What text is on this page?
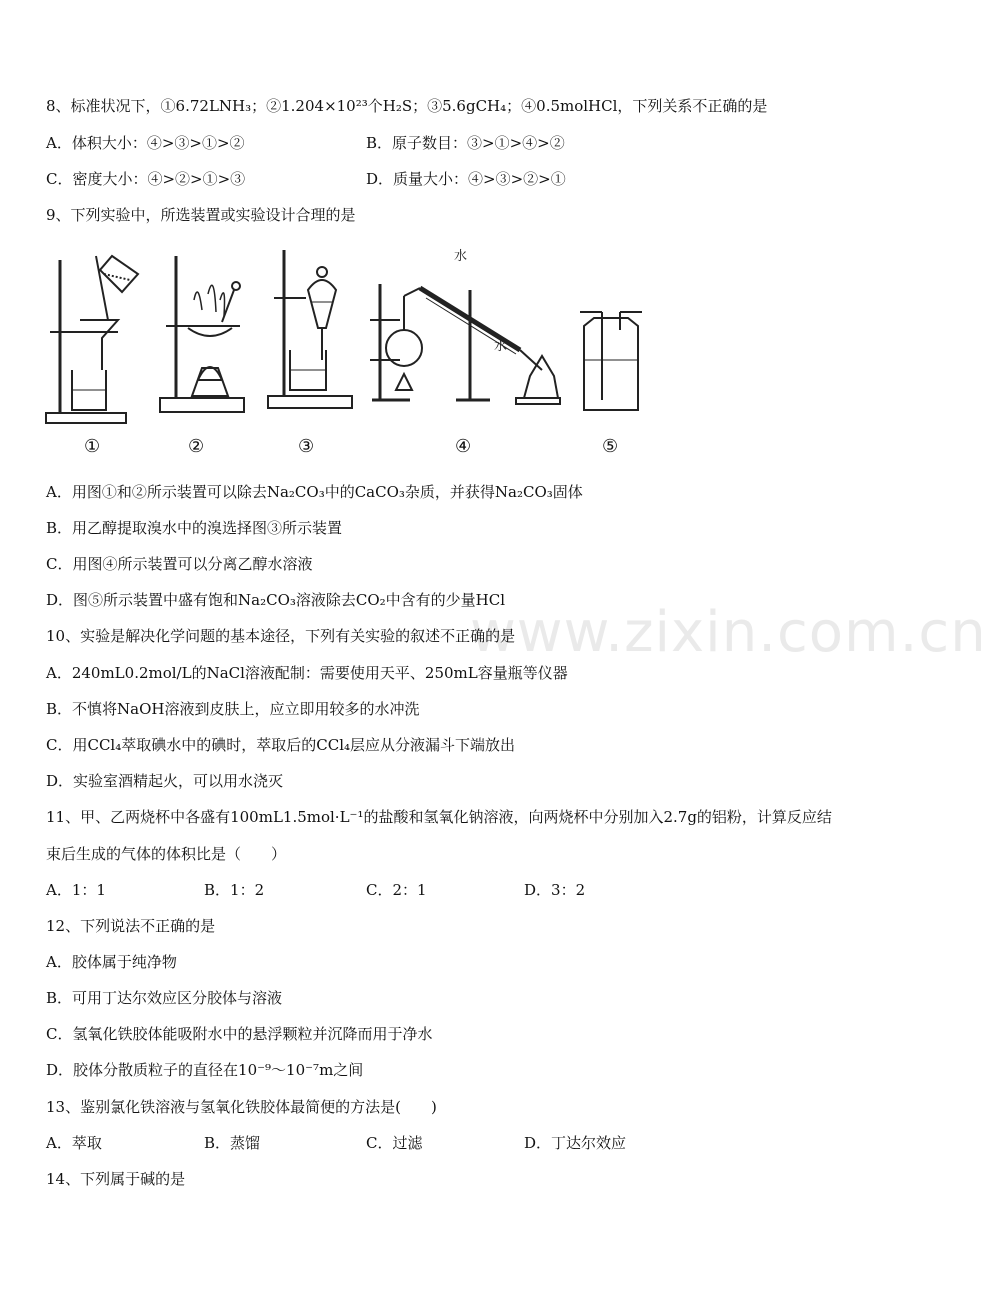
www.zixin.com.cn
8、标准状况下，①6.72LNH₃；②1.204×10²³个H₂S；③5.6gCH₄；④0.5molHCl，下列关系不正确的是
A．体积大小：④>③>①>②	B．原子数目：③>①>④>②
C．密度大小：④>②>①>③	D．质量大小：④>③>②>①
9、下列实验中，所选装置或实验设计合理的是
水
水
①	②	③	④	⑤
A．用图①和②所示装置可以除去Na₂CO₃中的CaCO₃杂质，并获得Na₂CO₃固体
B．用乙醇提取溴水中的溴选择图③所示装置
C．用图④所示装置可以分离乙醇水溶液
D．图⑤所示装置中盛有饱和Na₂CO₃溶液除去CO₂中含有的少量HCl
10、实验是解决化学问题的基本途径，下列有关实验的叙述不正确的是
A．240mL0.2mol/L的NaCl溶液配制：需要使用天平、250mL容量瓶等仪器
B．不慎将NaOH溶液到皮肤上，应立即用较多的水冲洗
C．用CCl₄萃取碘水中的碘时，萃取后的CCl₄层应从分液漏斗下端放出
D．实验室酒精起火，可以用水浇灭
11、甲、乙两烧杯中各盛有100mL1.5mol·L⁻¹的盐酸和氢氧化钠溶液，向两烧杯中分别加入2.7g的铝粉，计算反应结
束后生成的气体的体积比是（　　）
A．1：1	B．1：2	C．2：1	D．3：2
12、下列说法不正确的是
A．胶体属于纯净物
B．可用丁达尔效应区分胶体与溶液
C．氢氧化铁胶体能吸附水中的悬浮颗粒并沉降而用于净水
D．胶体分散质粒子的直径在10⁻⁹～10⁻⁷m之间
13、鉴别氯化铁溶液与氢氧化铁胶体最简便的方法是(　　)
A．萃取	B．蒸馏	C．过滤	D．丁达尔效应
14、下列属于碱的是
